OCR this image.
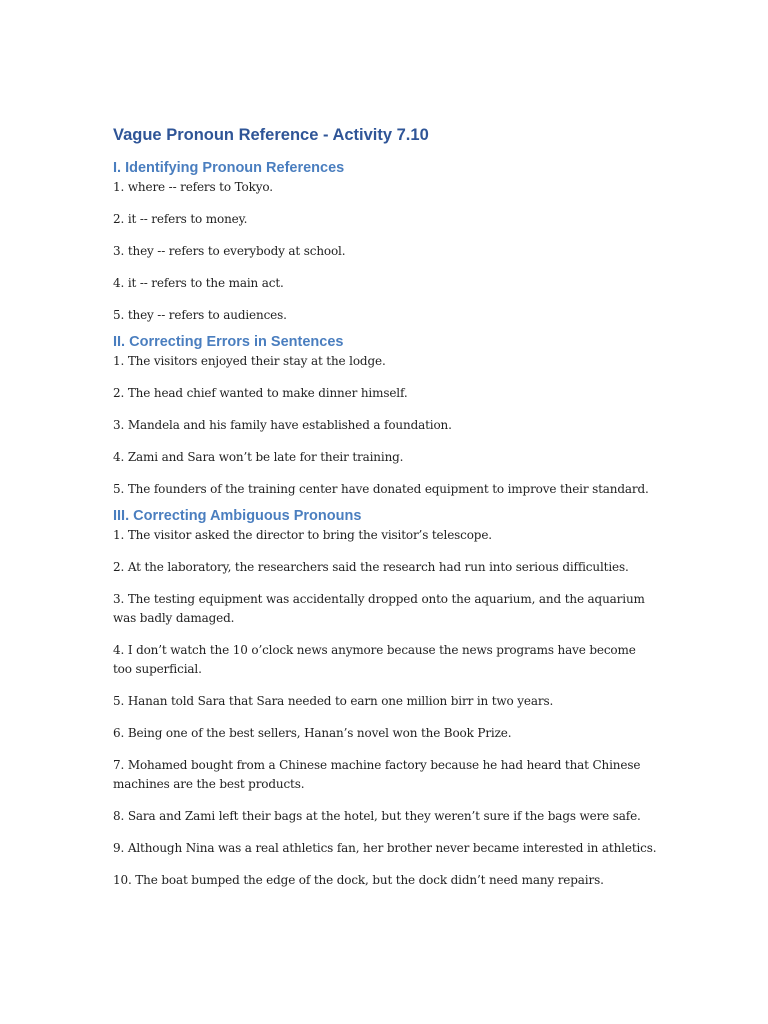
Vague Pronoun Reference - Activity 7.10
I. Identifying Pronoun References
1. where -- refers to Tokyo.
2. it -- refers to money.
3. they -- refers to everybody at school.
4. it -- refers to the main act.
5. they -- refers to audiences.
II. Correcting Errors in Sentences
1. The visitors enjoyed their stay at the lodge.
2. The head chief wanted to make dinner himself.
3. Mandela and his family have established a foundation.
4. Zami and Sara won’t be late for their training.
5. The founders of the training center have donated equipment to improve their standard.
III. Correcting Ambiguous Pronouns
1. The visitor asked the director to bring the visitor’s telescope.
2. At the laboratory, the researchers said the research had run into serious difficulties.
3. The testing equipment was accidentally dropped onto the aquarium, and the aquarium was badly damaged.
4. I don’t watch the 10 o’clock news anymore because the news programs have become too superficial.
5. Hanan told Sara that Sara needed to earn one million birr in two years.
6. Being one of the best sellers, Hanan’s novel won the Book Prize.
7. Mohamed bought from a Chinese machine factory because he had heard that Chinese machines are the best products.
8. Sara and Zami left their bags at the hotel, but they weren’t sure if the bags were safe.
9. Although Nina was a real athletics fan, her brother never became interested in athletics.
10. The boat bumped the edge of the dock, but the dock didn’t need many repairs.
